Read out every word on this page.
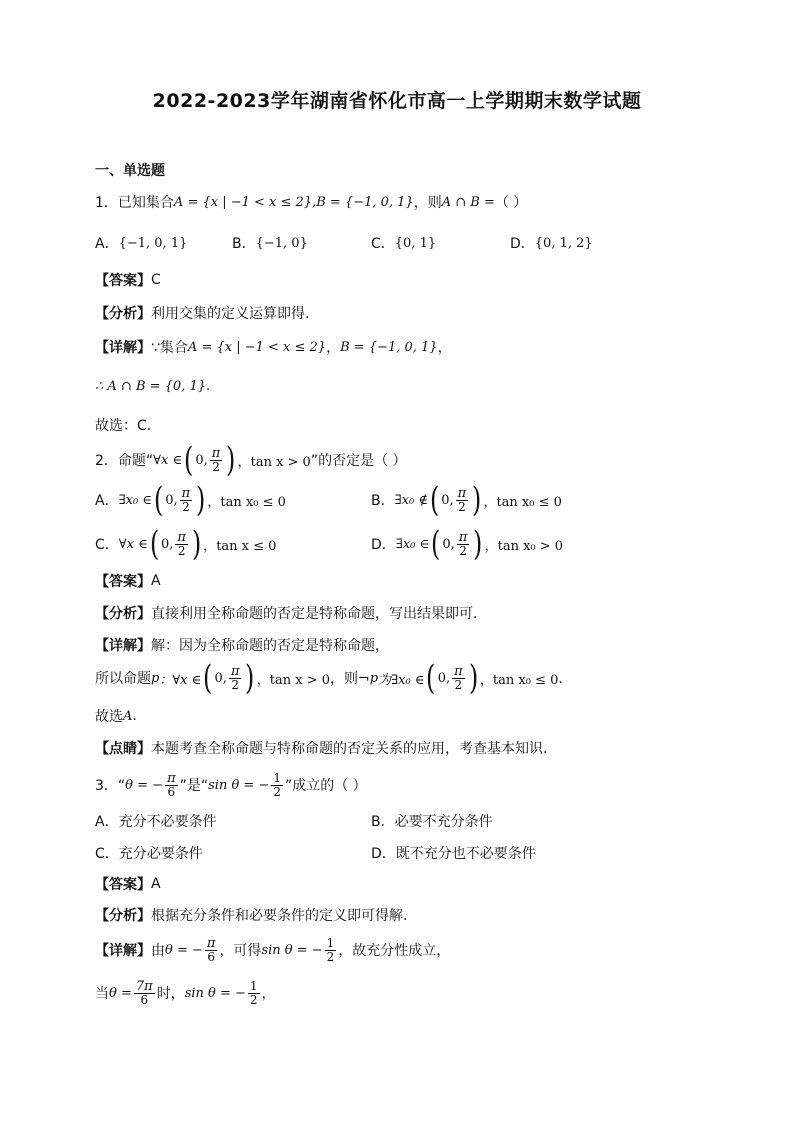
2022-2023学年湖南省怀化市高一上学期期末数学试题
一、单选题
1．已知集合 A = {x | −1 < x ≤ 2} , B = {−1, 0, 1} ，则 A ∩ B = （ ）
A． {−1, 0, 1}	B． {−1, 0}	C． {0, 1}	D． {0, 1, 2}
【答案】 C
【分析】 利用交集的定义运算即得.
【详解】 ∵集合 A = {x | −1 < x ≤ 2} ， B = {−1, 0, 1} ，
∴ A ∩ B = {0, 1}.
故选：C.
2．命题“ ∀x ∈ ( 0, $\frac{\pi}{2}$ ) ，tan x > 0 ”的否定是（ ）
A． ∃x₀ ∈ ( 0, $\frac{\pi}{2}$ ) ，tan x₀ ≤ 0	B． ∃x₀ ∉ ( 0, $\frac{\pi}{2}$ ) ，tan x₀ ≤ 0
C． ∀x ∈ ( 0, $\frac{\pi}{2}$ ) ，tan x ≤ 0	D． ∃x₀ ∈ ( 0, $\frac{\pi}{2}$ ) ，tan x₀ > 0
【答案】 A
【分析】 直接利用全称命题的否定是特称命题，写出结果即可．
【详解】 解：因为全称命题的否定是特称命题，
所以命题 p ：∀x ∈ ( 0, $\frac{\pi}{2}$ ) ，tan x > 0 ，则¬ p 为∃x₀ ∈ ( 0, $\frac{\pi}{2}$ ) ，tan x₀ ≤ 0 ．
故选 A .
【点睛】 本题考查全称命题与特称命题的否定关系的应用，考查基本知识．
3．“ θ = − $\frac{\pi}{6}$ ”是“ sin θ = − $\frac{1}{2}$ ”成立的（ ）
A． 充分不必要条件	B． 必要不充分条件
C． 充分必要条件	D． 既不充分也不必要条件
【答案】 A
【分析】 根据充分条件和必要条件的定义即可得解.
【详解】 由 θ = − $\frac{\pi}{6}$ ，可得 sin θ = − $\frac{1}{2}$ ，故充分性成立，
当 $\theta = \frac{7\pi}{6}$ 时， sin θ = − $\frac{1}{2}$ ，
